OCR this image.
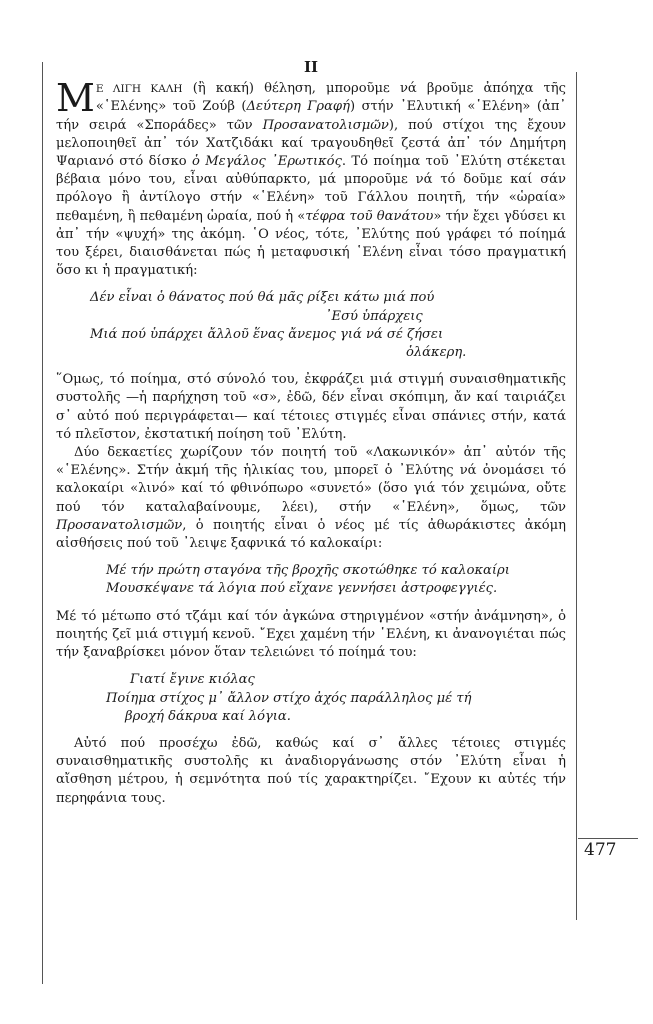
477
II

Μ Ε ΛΙΓΗ ΚΑΛΗ (ἢ κακή) θέληση, μποροῦμε νά βροῦμε ἀπόηχα τῆς «῾Ελένης» τοῦ Ζούβ (Δεύτερη Γραφή) στήν ᾿Ελυτική «῾Ελένη» (ἀπ᾿ τήν σειρά «Σποράδες» τῶν Προσανατολισμῶν), πού στίχοι της ἔχουν μελοποιηθεῖ ἀπ᾿ τόν Χατζιδάκι καί τραγουδηθεῖ ζεστά ἀπ᾿ τόν Δημήτρη Ψαριανό στό δίσκο ὁ Μεγάλος ᾿Ερωτικός. Τό ποίημα τοῦ ᾿Ελύτη στέκεται βέβαια μόνο του, εἶναι αὐθύπαρκτο, μά μποροῦμε νά τό δοῦμε καί σάν πρόλογο ἢ ἀντίλογο στήν «῾Ελένη» τοῦ Γάλλου ποιητῆ, τήν «ὡραία» πεθαμένη, ἢ πεθαμένη ὡραία, πού ἡ «τέφρα τοῦ θανάτου» τήν ἔχει γδύσει κι ἀπ᾿ τήν «ψυχή» της ἀκόμη. ῾Ο νέος, τότε, ᾿Ελύτης πού γράφει τό ποίημά του ξέρει, διαισθάνεται πώς ἡ μεταφυσική ῾Ελένη εἶναι τόσο πραγματική ὅσο κι ἡ πραγματική:

Δέν εἶναι ὁ θάνατος πού θά μᾶς ρίξει κάτω μιά πού
᾿Εσύ ὑπάρχεις
Μιά πού ὑπάρχει ἄλλοῦ ἕνας ἄνεμος γιά νά σέ ζήσει
ὁλάκερη.

῞Ομως, τό ποίημα, στό σύνολό του, ἐκφράζει μιά στιγμή συναισθηματικῆς συστολῆς —ἡ παρήχηση τοῦ «σ», ἐδῶ, δέν εἶναι σκόπιμη, ἄν καί ταιριάζει σ᾿ αὐτό πού περιγράφεται— καί τέτοιες στιγμές εἶναι σπάνιες στήν, κατά τό πλεῖστον, ἐκστατική ποίηση τοῦ ᾿Ελύτη.

Δύο δεκαετίες χωρίζουν τόν ποιητή τοῦ «Λακωνικόν» ἀπ᾿ αὐτόν τῆς «῾Ελένης». Στήν ἀκμή τῆς ἡλικίας του, μπορεῖ ὁ ᾿Ελύτης νά ὀνομάσει τό καλοκαίρι «λινό» καί τό φθινόπωρο «συνετό» (ὅσο γιά τόν χειμώνα, οὔτε πού τόν καταλαβαίνουμε, λέει), στήν «῾Ελένη», ὅμως, τῶν Προσανατολισμῶν, ὁ ποιητής εἶναι ὁ νέος μέ τίς ἀθωράκιστες ἀκόμη αἰσθήσεις πού τοῦ ᾿λειψε ξαφνικά τό καλοκαίρι:

Μέ τήν πρώτη σταγόνα τῆς βροχῆς σκοτώθηκε τό καλοκαίρι
Μουσκέψανε τά λόγια πού εἴχανε γεννήσει ἀστροφεγγιές.

Μέ τό μέτωπο στό τζάμι καί τόν ἀγκώνα στηριγμένον «στήν ἀνάμνηση», ὁ ποιητής ζεῖ μιά στιγμή κενοῦ. ῎Εχει χαμένη τήν ῾Ελένη, κι ἀνανογιέται πώς τήν ξαναβρίσκει μόνον ὅταν τελειώνει τό ποίημά του:

Γιατί ἔγινε κιόλας
Ποίημα στίχος μ᾿ ἄλλον στίχο ἀχός παράλληλος μέ τή
βροχή δάκρυα καί λόγια.

Αὐτό πού προσέχω ἐδῶ, καθώς καί σ᾿ ἄλλες τέτοιες στιγμές συναισθηματικῆς συστολῆς κι ἀναδιοργάνωσης στόν ᾿Ελύτη εἶναι ἡ αἴσθηση μέτρου, ἡ σεμνότητα πού τίς χαρακτηρίζει. ῎Εχουν κι αὐτές τήν περηφάνια τους.
